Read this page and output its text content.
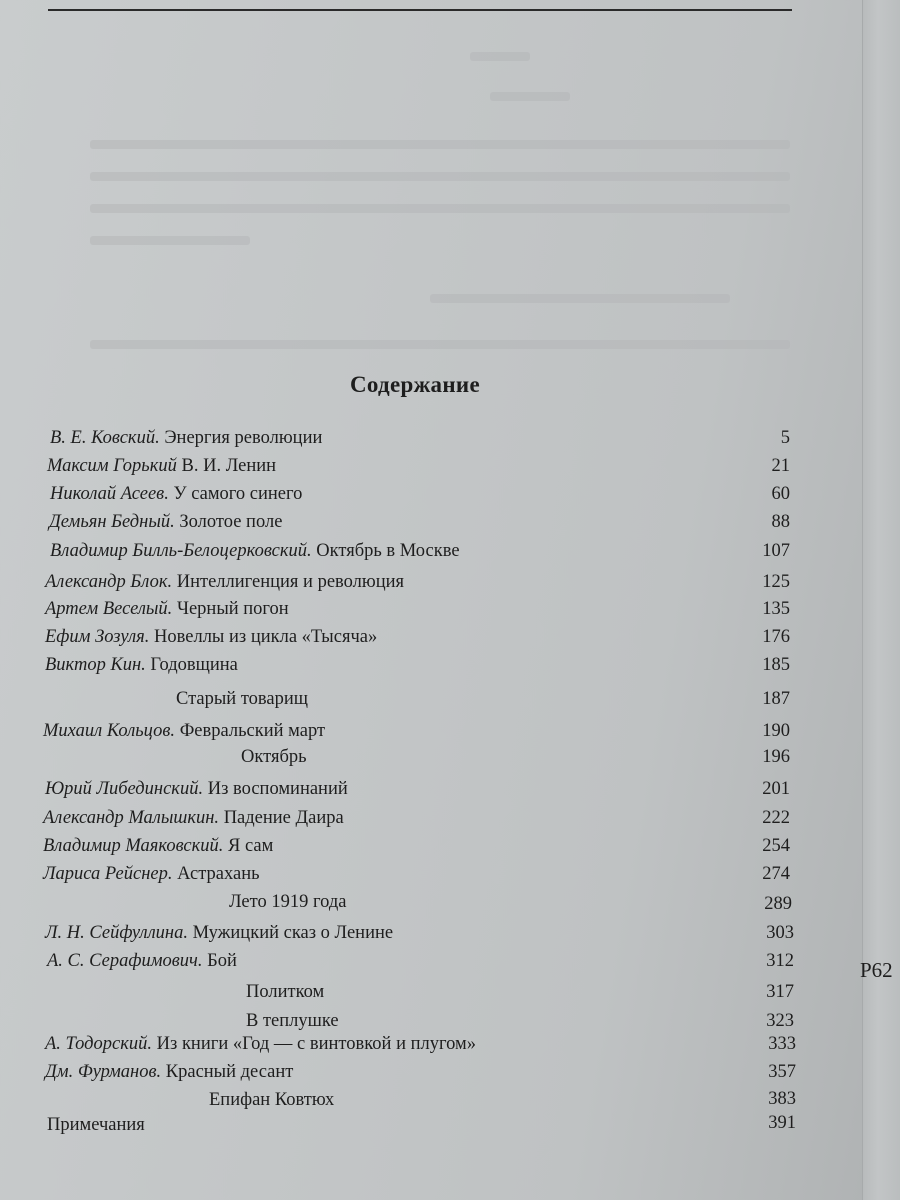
Содержание
В. Е. Ковский. Энергия революции	5
Максим Горький В. И. Ленин	21
Николай Асеев. У самого синего	60
Демьян Бедный. Золотое поле	88
Владимир Билль-Белоцерковский. Октябрь в Москве	107
Александр Блок. Интеллигенция и революция	125
Артем Веселый. Черный погон	135
Ефим Зозуля. Новеллы из цикла «Тысяча»	176
Виктор Кин. Годовщина	185
Старый товарищ	187
Михаил Кольцов. Февральский март	190
Октябрь	196
Юрий Либединский. Из воспоминаний	201
Александр Малышкин. Падение Даира	222
Владимир Маяковский. Я сам	254
Лариса Рейснер. Астрахань	274
Лето 1919 года	289
Л. Н. Сейфуллина. Мужицкий сказ о Ленине	303
А. С. Серафимович. Бой	312
Политком	317
В теплушке	323
А. Тодорский. Из книги «Год — с винтовкой и плугом»	333
Дм. Фурманов. Красный десант	357
Епифан Ковтюх	383
Примечания	391
Р62
